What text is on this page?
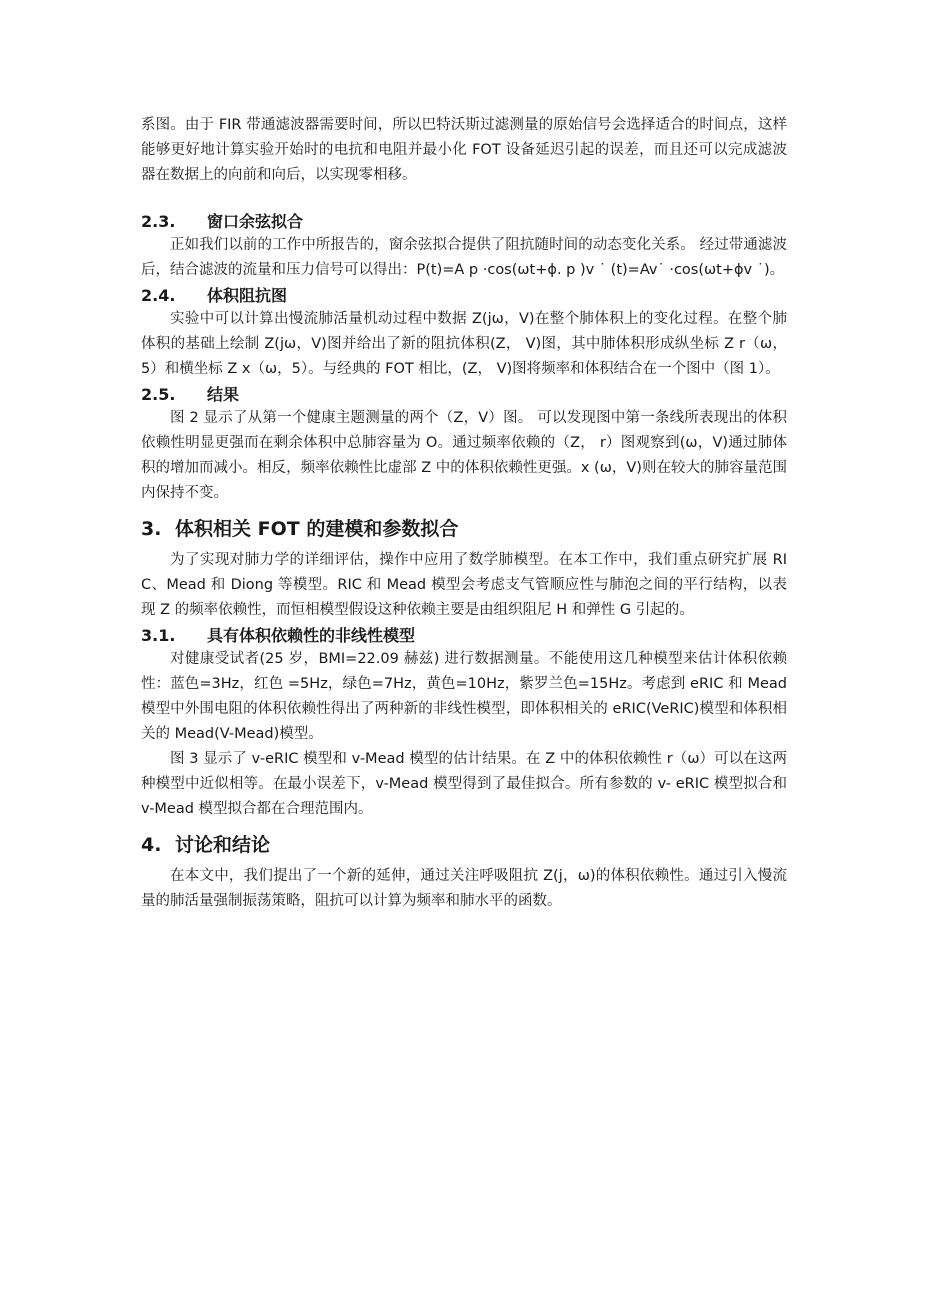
系图。由于 FIR 带通滤波器需要时间，所以巴特沃斯过滤测量的原始信号会选择适合的时间点，这样能够更好地计算实验开始时的电抗和电阻并最小化 FOT 设备延迟引起的误差，而且还可以完成滤波器在数据上的向前和向后，以实现零相移。

2.3.	窗口余弦拟合

正如我们以前的工作中所报告的，窗余弦拟合提供了阻抗随时间的动态变化关系。 经过带通滤波后，结合滤波的流量和压力信号可以得出：P(t)=A p ·cos(ωt+ϕ. p )v ˙ (t)=Av˙ ·cos(ωt+ϕv ˙)。

2.4.	体积阻抗图

实验中可以计算出慢流肺活量机动过程中数据 Z(jω，V)在整个肺体积上的变化过程。在整个肺体积的基础上绘制 Z(jω，V)图并给出了新的阻抗体积(Z， V)图，其中肺体积形成纵坐标 Z r（ω，5）和横坐标 Z x（ω，5）。与经典的 FOT 相比，(Z， V)图将频率和体积结合在一个图中（图 1）。

2.5.	结果

图 2 显示了从第一个健康主题测量的两个（Z，V）图。 可以发现图中第一条线所表现出的体积依赖性明显更强而在剩余体积中总肺容量为 O。通过频率依赖的（Z， r）图观察到(ω，V)通过肺体积的增加而减小。相反，频率依赖性比虚部 Z 中的体积依赖性更强。x (ω，V)则在较大的肺容量范围内保持不变。

3. 体积相关 FOT 的建模和参数拟合

为了实现对肺力学的详细评估，操作中应用了数学肺模型。在本工作中，我们重点研究扩展 RIC、Mead 和 Diong 等模型。RIC 和 Mead 模型会考虑支气管顺应性与肺泡之间的平行结构，以表现 Z 的频率依赖性，而恒相模型假设这种依赖主要是由组织阻尼 H 和弹性 G 引起的。

3.1.	具有体积依赖性的非线性模型

对健康受试者(25 岁，BMI=22.09 赫兹) 进行数据测量。不能使用这几种模型来估计体积依赖性：蓝色=3Hz，红色 =5Hz，绿色=7Hz，黄色=10Hz，紫罗兰色=15Hz。考虑到 eRIC 和 Mead 模型中外围电阻的体积依赖性得出了两种新的非线性模型，即体积相关的 eRIC(VeRIC)模型和体积相关的 Mead(V-Mead)模型。

图 3 显示了 v-eRIC 模型和 v-Mead 模型的估计结果。在 Z 中的体积依赖性 r（ω）可以在这两种模型中近似相等。在最小误差下，v-Mead 模型得到了最佳拟合。所有参数的 v- eRIC 模型拟合和 v-Mead 模型拟合都在合理范围内。

4. 讨论和结论

在本文中，我们提出了一个新的延伸，通过关注呼吸阻抗 Z(j，ω)的体积依赖性。通过引入慢流量的肺活量强制振荡策略，阻抗可以计算为频率和肺水平的函数。
